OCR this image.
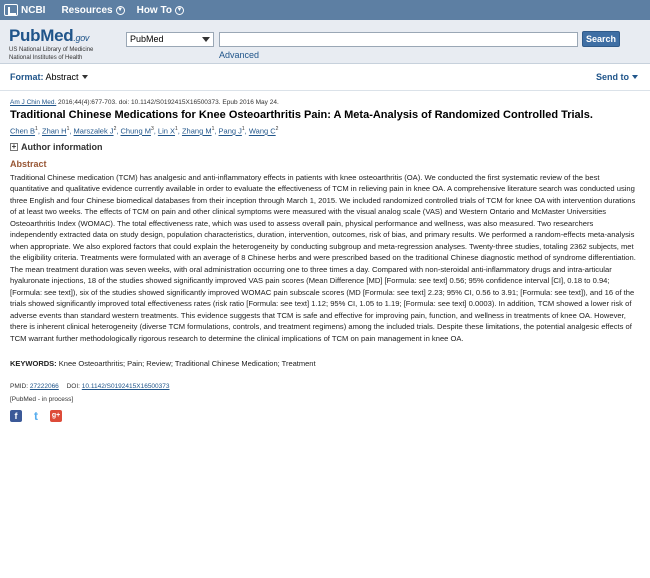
NCBI Resources ▼ How To ▼
PubMed.gov
US National Library of Medicine
National Institutes of Health
PubMed	Search
Advanced
Format: Abstract	Send to
Am J Chin Med. 2016;44(4):677-703. doi: 10.1142/S0192415X16500373. Epub 2016 May 24.
Traditional Chinese Medications for Knee Osteoarthritis Pain: A Meta-Analysis of Randomized Controlled Trials.
Chen $B^1$, Zhan $H^1$, Marszalek $J^2$, Chung $M^3$, Lin $X^1$, Zhang $M^1$, Pang $J^1$, Wang $C^2$
+ Author information
Abstract
Traditional Chinese medication (TCM) has analgesic and anti-inflammatory effects in patients with knee osteoarthritis (OA). We conducted the first systematic review of the best quantitative and qualitative evidence currently available in order to evaluate the effectiveness of TCM in relieving pain in knee OA. A comprehensive literature search was conducted using three English and four Chinese biomedical databases from their inception through March 1, 2015. We included randomized controlled trials of TCM for knee OA with intervention durations of at least two weeks. The effects of TCM on pain and other clinical symptoms were measured with the visual analog scale (VAS) and Western Ontario and McMaster Universities Osteoarthritis Index (WOMAC). The total effectiveness rate, which was used to assess overall pain, physical performance and wellness, was also measured. Two researchers independently extracted data on study design, population characteristics, duration, intervention, outcomes, risk of bias, and primary results. We performed a random-effects meta-analysis when appropriate. We also explored factors that could explain the heterogeneity by conducting subgroup and meta-regression analyses. Twenty-three studies, totaling 2362 subjects, met the eligibility criteria. Treatments were formulated with an average of 8 Chinese herbs and were prescribed based on the traditional Chinese diagnostic method of syndrome differentiation. The mean treatment duration was seven weeks, with oral administration occurring one to three times a day. Compared with non-steroidal anti-inflammatory drugs and intra-articular hyaluronate injections, 18 of the studies showed significantly improved VAS pain scores (Mean Difference [MD] [Formula: see text] 0.56; 95% confidence interval [CI], 0.18 to 0.94; [Formula: see text]), six of the studies showed significantly improved WOMAC pain subscale scores (MD [Formula: see text] 2.23; 95% CI, 0.56 to 3.91; [Formula: see text]), and 16 of the trials showed significantly improved total effectiveness rates (risk ratio [Formula: see text] 1.12; 95% CI, 1.05 to 1.19; [Formula: see text] 0.0003). In addition, TCM showed a lower risk of adverse events than standard western treatments. This evidence suggests that TCM is safe and effective for improving pain, function, and wellness in treatments of knee OA. However, there is inherent clinical heterogeneity (diverse TCM formulations, controls, and treatment regimens) among the included trials. Despite these limitations, the potential analgesic effects of TCM warrant further methodologically rigorous research to determine the clinical implications of TCM on pain management in knee OA.
KEYWORDS: Knee Osteoarthritis; Pain; Review; Traditional Chinese Medication; Treatment
PMID: 27222066 DOI: 10.1142/S0192415X16500373
[PubMed - in process]
f	t	g+
